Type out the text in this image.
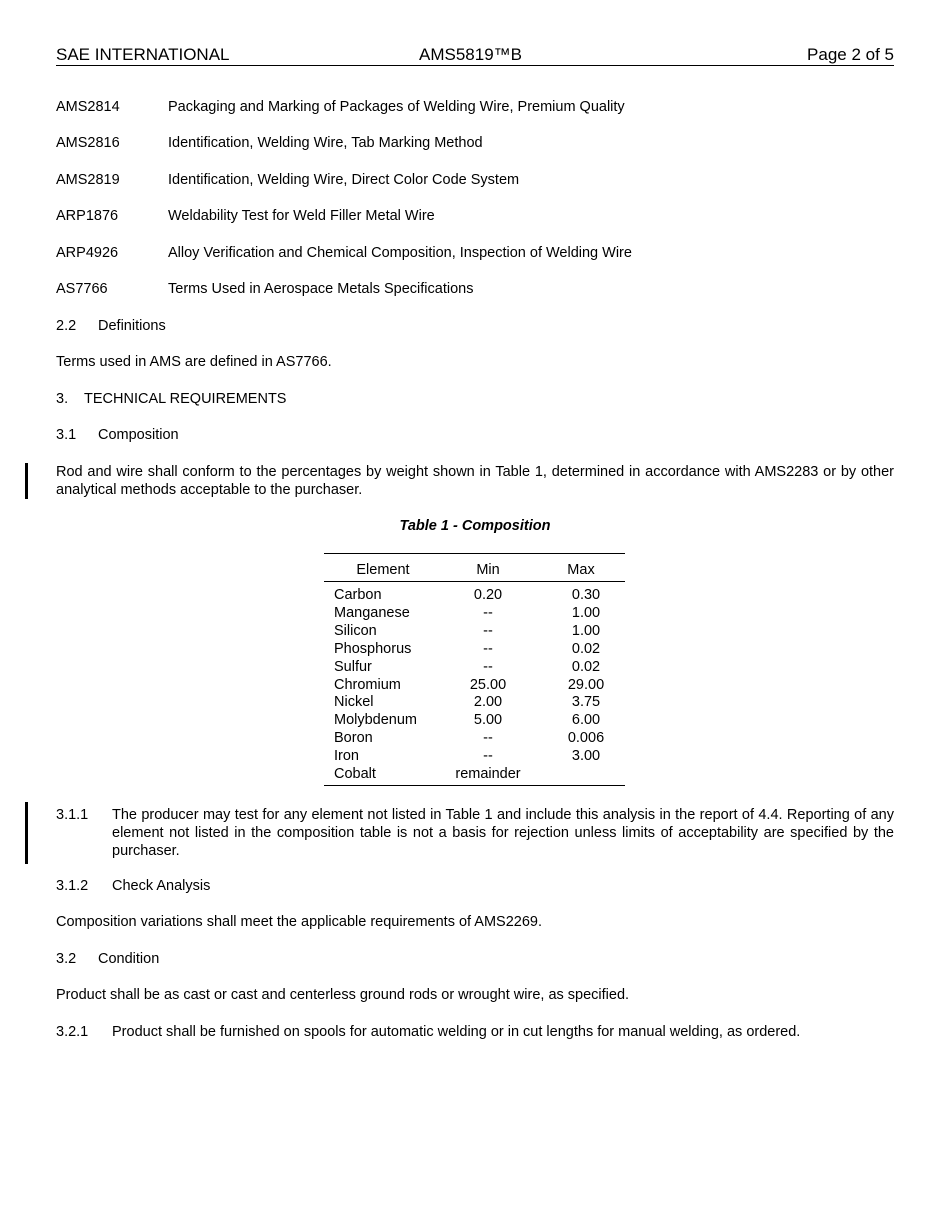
SAE INTERNATIONAL	AMS5819™B	Page 2 of 5
AMS2814	Packaging and Marking of Packages of Welding Wire, Premium Quality
AMS2816	Identification, Welding Wire, Tab Marking Method
AMS2819	Identification, Welding Wire, Direct Color Code System
ARP1876	Weldability Test for Weld Filler Metal Wire
ARP4926	Alloy Verification and Chemical Composition, Inspection of Welding Wire
AS7766	Terms Used in Aerospace Metals Specifications
2.2 Definitions
Terms used in AMS are defined in AS7766.
3. TECHNICAL REQUIREMENTS
3.1 Composition
Rod and wire shall conform to the percentages by weight shown in Table 1, determined in accordance with AMS2283 or by other analytical methods acceptable to the purchaser.
Table 1 - Composition
Element	Min	Max
Carbon	0.20	0.30
Manganese	--	1.00
Silicon	--	1.00
Phosphorus	--	0.02
Sulfur	--	0.02
Chromium	25.00	29.00
Nickel	2.00	3.75
Molybdenum	5.00	6.00
Boron	--	0.006
Iron	--	3.00
Cobalt	remainder
3.1.1 The producer may test for any element not listed in Table 1 and include this analysis in the report of 4.4. Reporting of any element not listed in the composition table is not a basis for rejection unless limits of acceptability are specified by the purchaser.
3.1.2 Check Analysis
Composition variations shall meet the applicable requirements of AMS2269.
3.2 Condition
Product shall be as cast or cast and centerless ground rods or wrought wire, as specified.
3.2.1 Product shall be furnished on spools for automatic welding or in cut lengths for manual welding, as ordered.
